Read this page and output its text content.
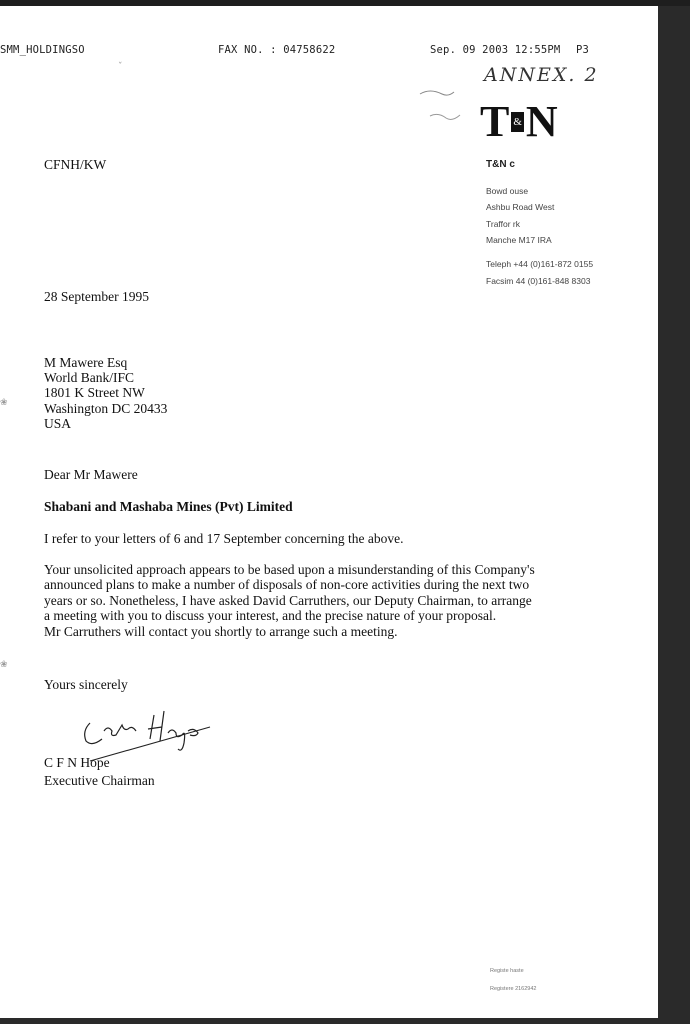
SMM_HOLDINGSO	FAX NO. : 04758622	Sep. 09 2003 12:55PM P3
ANNEX. 2
T & N
T&N c
Bowd ouse
Ashbu Road West
Traffor rk
Manche M17 IRA
Teleph +44 (0)161-872 0155
Facsim 44 (0)161-848 8303
CFNH/KW
28 September 1995
M Mawere Esq
World Bank/IFC
1801 K Street NW
Washington DC 20433
USA
Dear Mr Mawere
Shabani and Mashaba Mines (Pvt) Limited
I refer to your letters of 6 and 17 September concerning the above.
Your unsolicited approach appears to be based upon a misunderstanding of this Company's
announced plans to make a number of disposals of non-core activities during the next two
years or so. Nonetheless, I have asked David Carruthers, our Deputy Chairman, to arrange
a meeting with you to discuss your interest, and the precise nature of your proposal.
Mr Carruthers will contact you shortly to arrange such a meeting.
Yours sincerely
C F N Hope
Executive Chairman
❀
❀
ˇ
Registe haste
Registere 2162942
